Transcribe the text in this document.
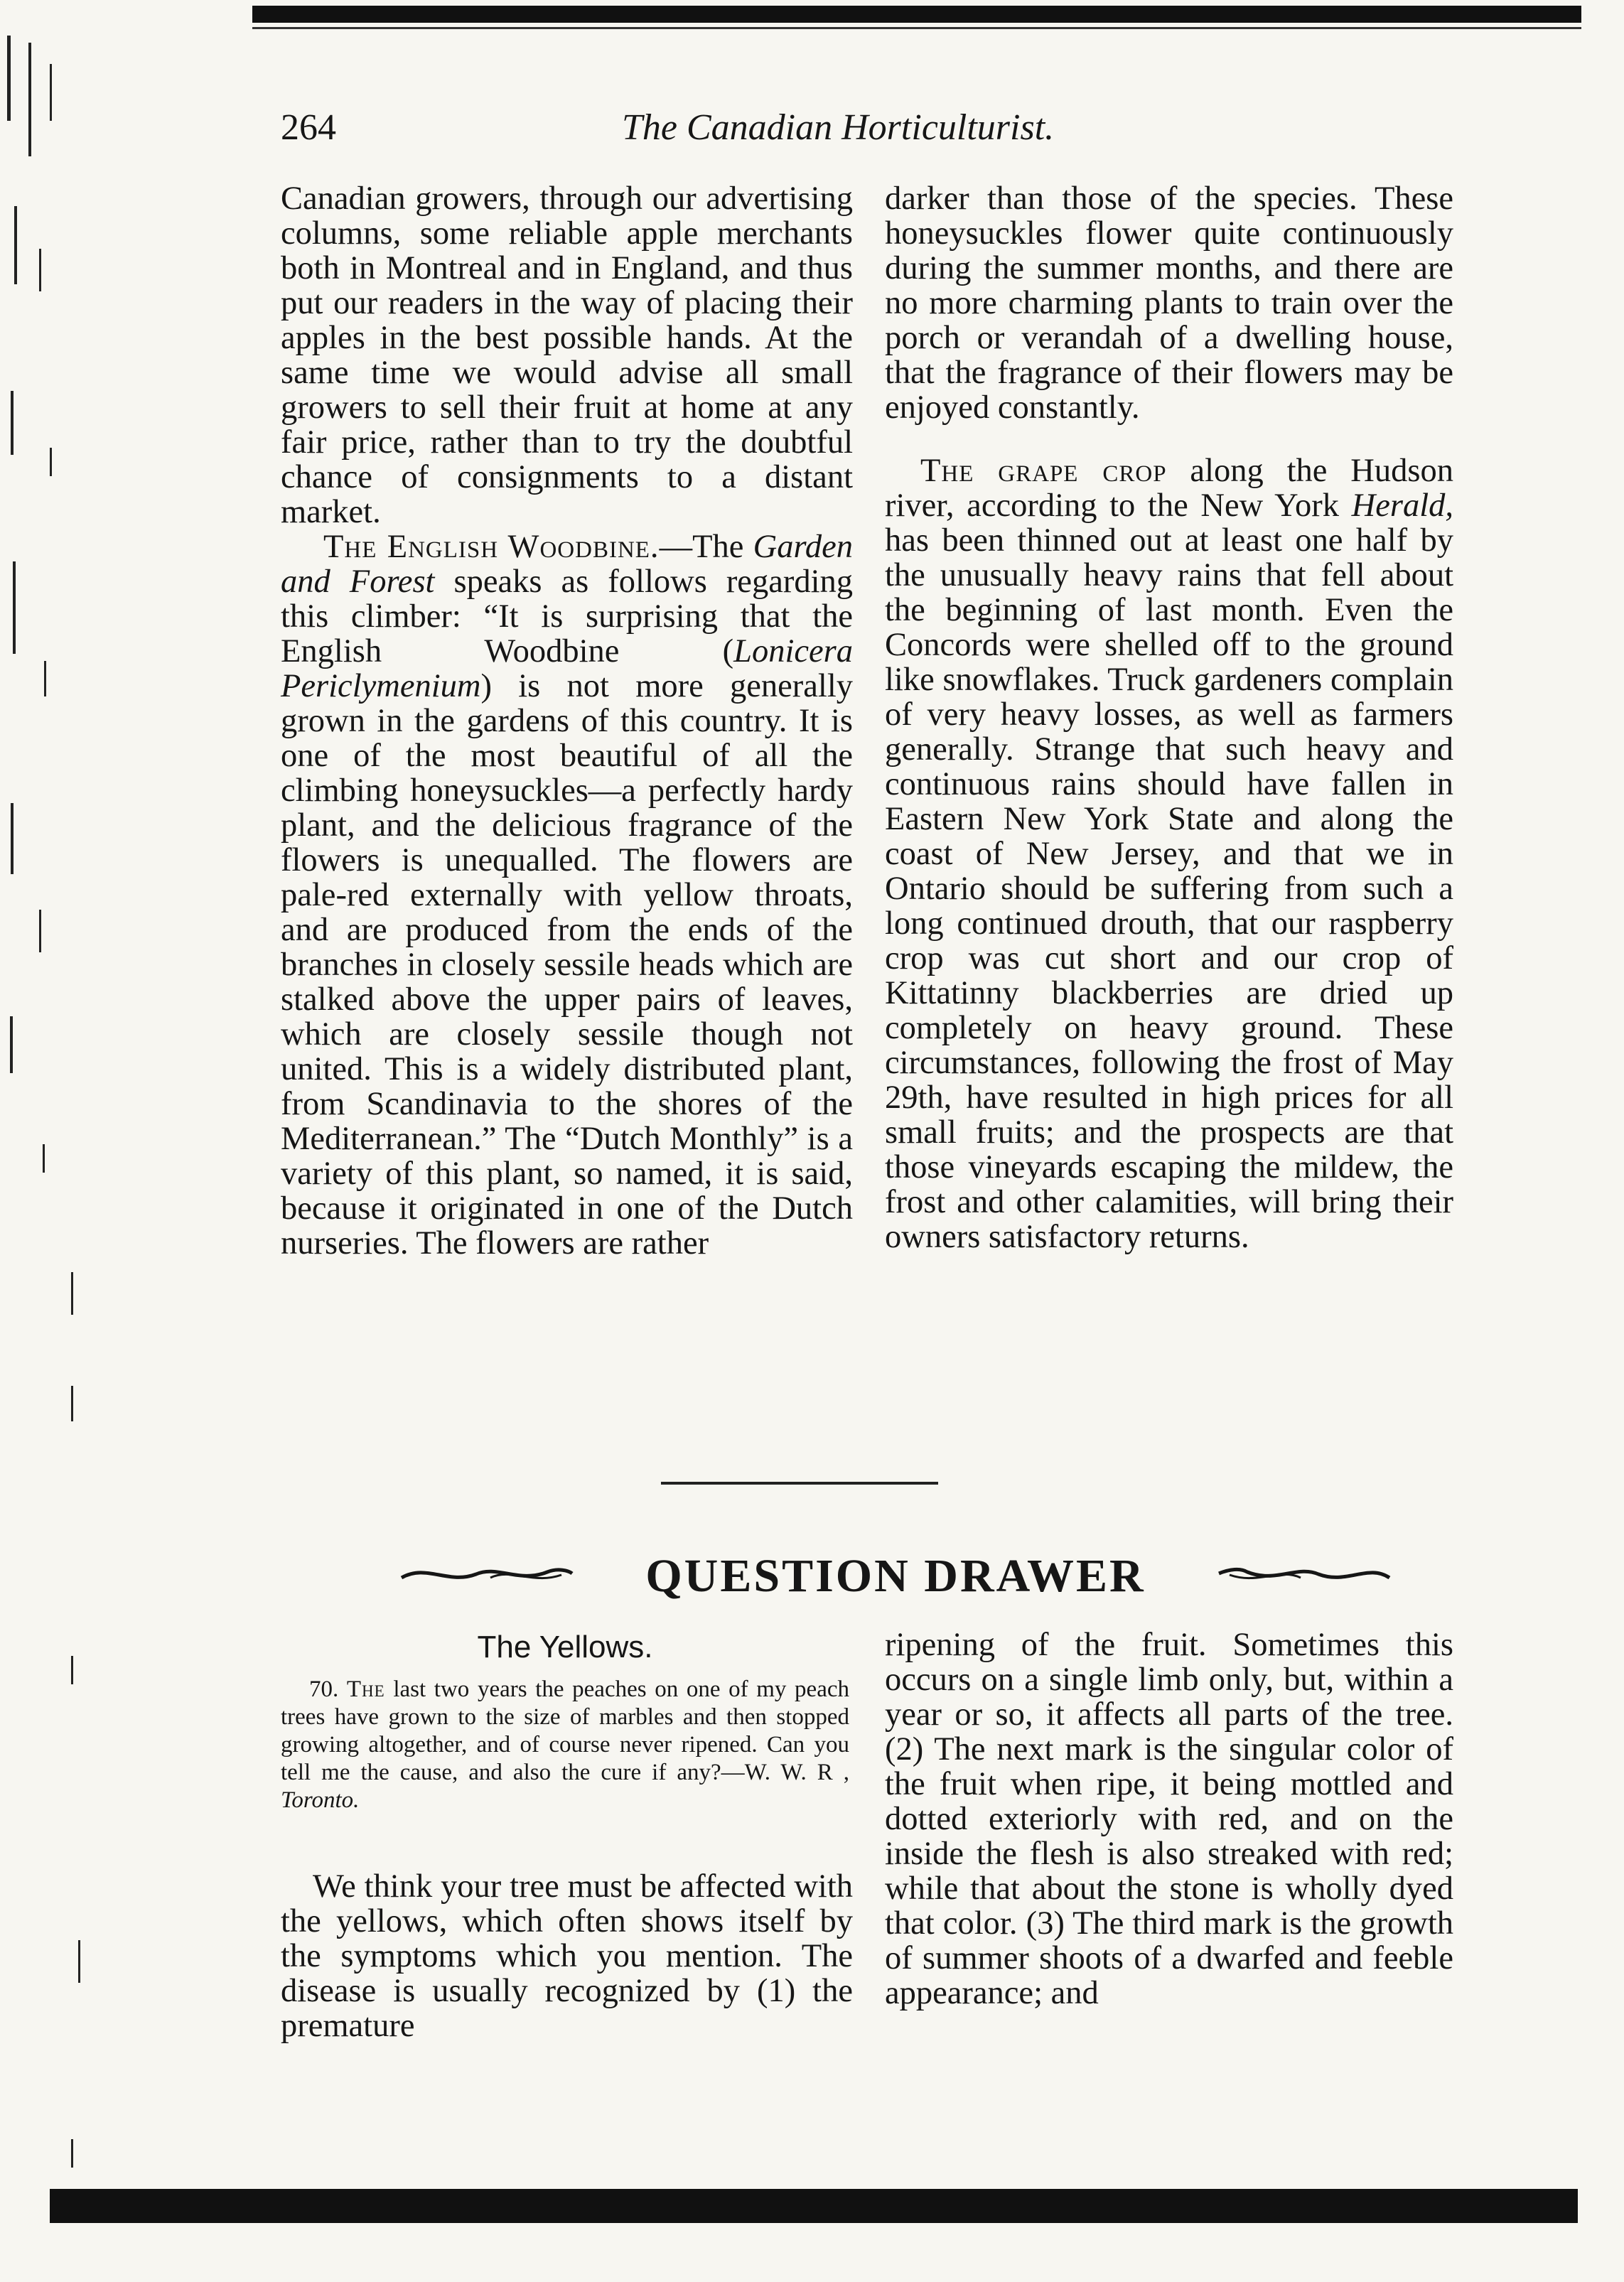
264	The Canadian Horticulturist.

Canadian growers, through our advertising columns, some reliable apple merchants both in Montreal and in England, and thus put our readers in the way of placing their apples in the best possible hands. At the same time we would advise all small growers to sell their fruit at home at any fair price, rather than to try the doubtful chance of consignments to a distant market.

The English Woodbine.—The Garden and Forest speaks as follows regarding this climber: “It is surprising that the English Woodbine (Lonicera Periclymenium) is not more generally grown in the gardens of this country. It is one of the most beautiful of all the climbing honeysuckles—a perfectly hardy plant, and the delicious fragrance of the flowers is unequalled. The flowers are pale-red externally with yellow throats, and are produced from the ends of the branches in closely sessile heads which are stalked above the upper pairs of leaves, which are closely sessile though not united. This is a widely distributed plant, from Scandinavia to the shores of the Mediterranean.” The “Dutch Monthly” is a variety of this plant, so named, it is said, because it originated in one of the Dutch nurseries. The flowers are rather

darker than those of the species. These honeysuckles flower quite continuously during the summer months, and there are no more charming plants to train over the porch or verandah of a dwelling house, that the fragrance of their flowers may be enjoyed constantly.

The grape crop along the Hudson river, according to the New York Herald, has been thinned out at least one half by the unusually heavy rains that fell about the beginning of last month. Even the Concords were shelled off to the ground like snowflakes. Truck gardeners complain of very heavy losses, as well as farmers generally. Strange that such heavy and continuous rains should have fallen in Eastern New York State and along the coast of New Jersey, and that we in Ontario should be suffering from such a long continued drouth, that our raspberry crop was cut short and our crop of Kittatinny blackberries are dried up completely on heavy ground. These circumstances, following the frost of May 29th, have resulted in high prices for all small fruits; and the prospects are that those vineyards escaping the mildew, the frost and other calamities, will bring their owners satisfactory returns.

QUESTION DRAWER
The Yellows.

70. The last two years the peaches on one of my peach trees have grown to the size of marbles and then stopped growing altogether, and of course never ripened. Can you tell me the cause, and also the cure if any?—W. W. R , Toronto.

We think your tree must be affected with the yellows, which often shows itself by the symptoms which you mention. The disease is usually recognized by (1) the premature

ripening of the fruit. Sometimes this occurs on a single limb only, but, within a year or so, it affects all parts of the tree. (2) The next mark is the singular color of the fruit when ripe, it being mottled and dotted exteriorly with red, and on the inside the flesh is also streaked with red; while that about the stone is wholly dyed that color. (3) The third mark is the growth of summer shoots of a dwarfed and feeble appearance; and
